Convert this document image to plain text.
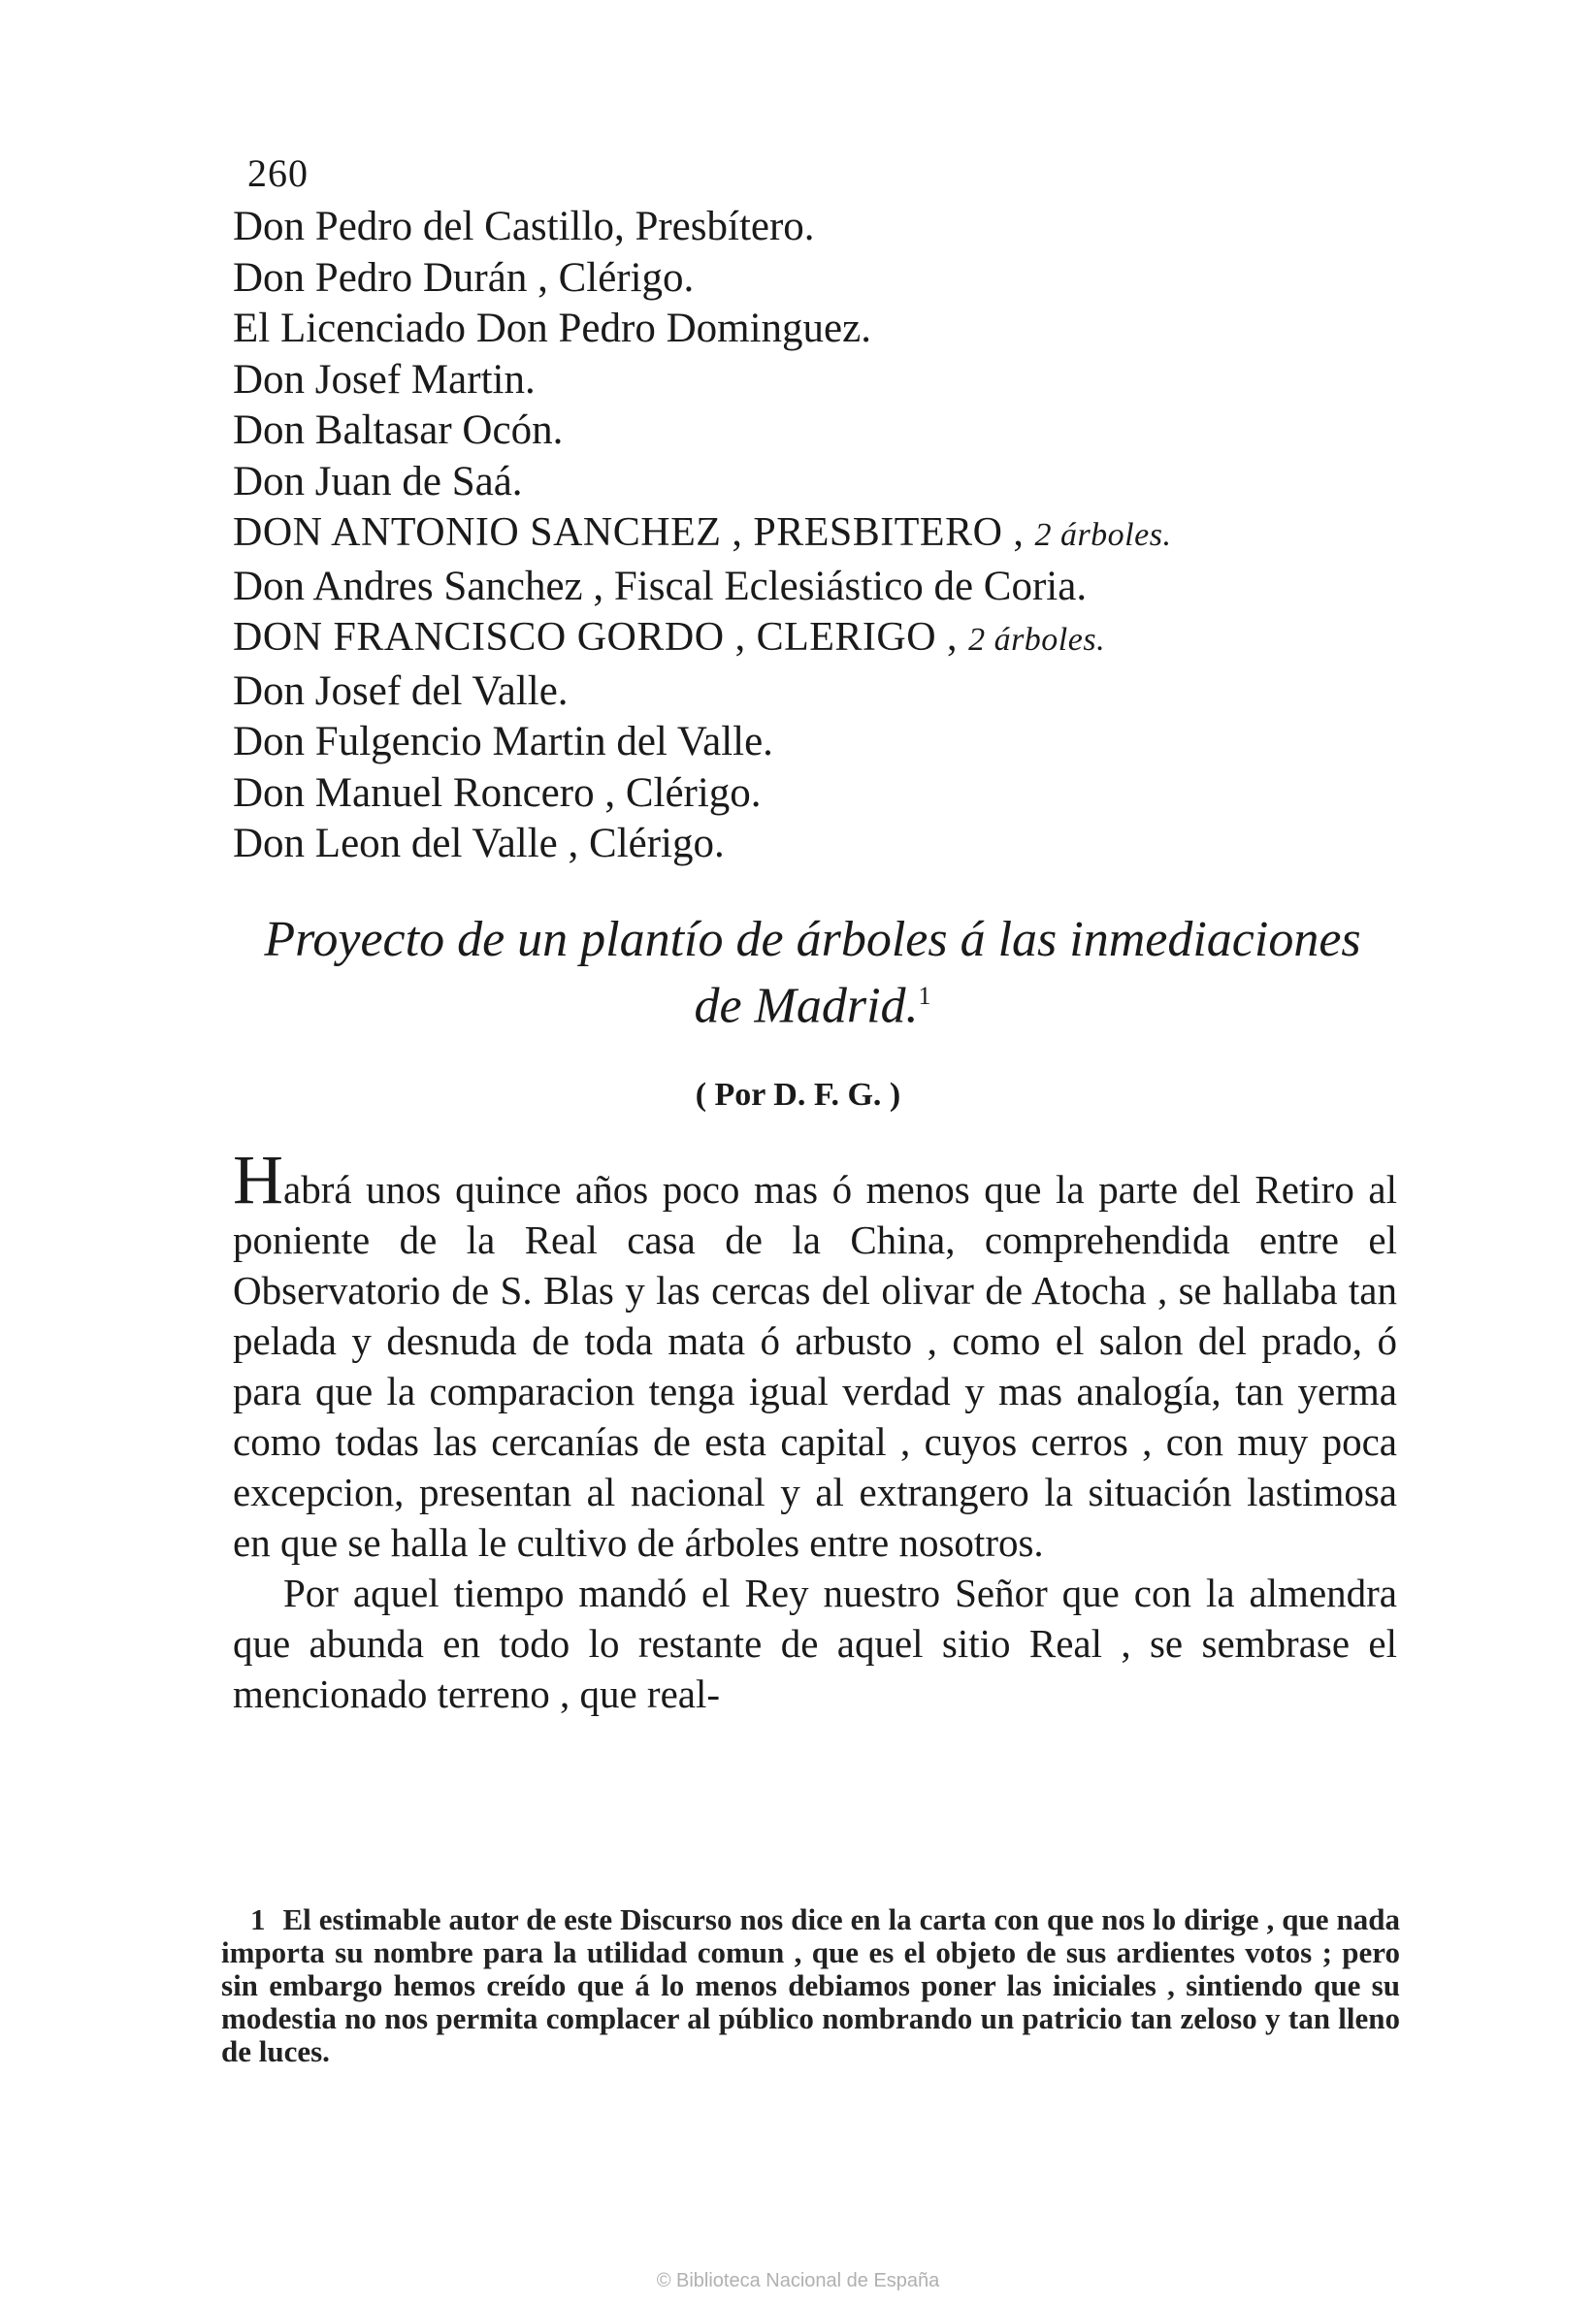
260
Don Pedro del Castillo, Presbítero.
Don Pedro Durán , Clérigo.
El Licenciado Don Pedro Dominguez.
Don Josef Martin.
Don Baltasar Ocón.
Don Juan de Saá.
DON ANTONIO SANCHEZ , PRESBITERO , 2 árboles.
Don Andres Sanchez , Fiscal Eclesiástico de Coria.
DON FRANCISCO GORDO , CLERIGO , 2 árboles.
Don Josef del Valle.
Don Fulgencio Martin del Valle.
Don Manuel Roncero , Clérigo.
Don Leon del Valle , Clérigo.
Proyecto de un plantío de árboles á las inmediaciones
de Madrid.$^1$
( Por D. F. G. )

Habrá unos quince años poco mas ó menos que la parte del Retiro al poniente de la Real casa de la China, comprehendida entre el Observatorio de S. Blas y las cercas del olivar de Atocha , se hallaba tan pelada y desnuda de toda mata ó arbusto , como el salon del prado, ó para que la comparacion tenga igual verdad y mas analogía, tan yerma como todas las cercanías de esta capital , cuyos cerros , con muy poca excepcion, presentan al nacional y al extrangero la situación lastimosa en que se halla le cultivo de árboles entre nosotros.

Por aquel tiempo mandó el Rey nuestro Señor que con la almendra que abunda en todo lo restante de aquel sitio Real , se sembrase el mencionado terreno , que real-

1 El estimable autor de este Discurso nos dice en la carta con que nos lo dirige , que nada importa su nombre para la utilidad comun , que es el objeto de sus ardientes votos ; pero sin embargo hemos creído que á lo menos debiamos poner las iniciales , sintiendo que su modestia no nos permita complacer al público nombrando un patricio tan zeloso y tan lleno de luces.

© Biblioteca Nacional de España
